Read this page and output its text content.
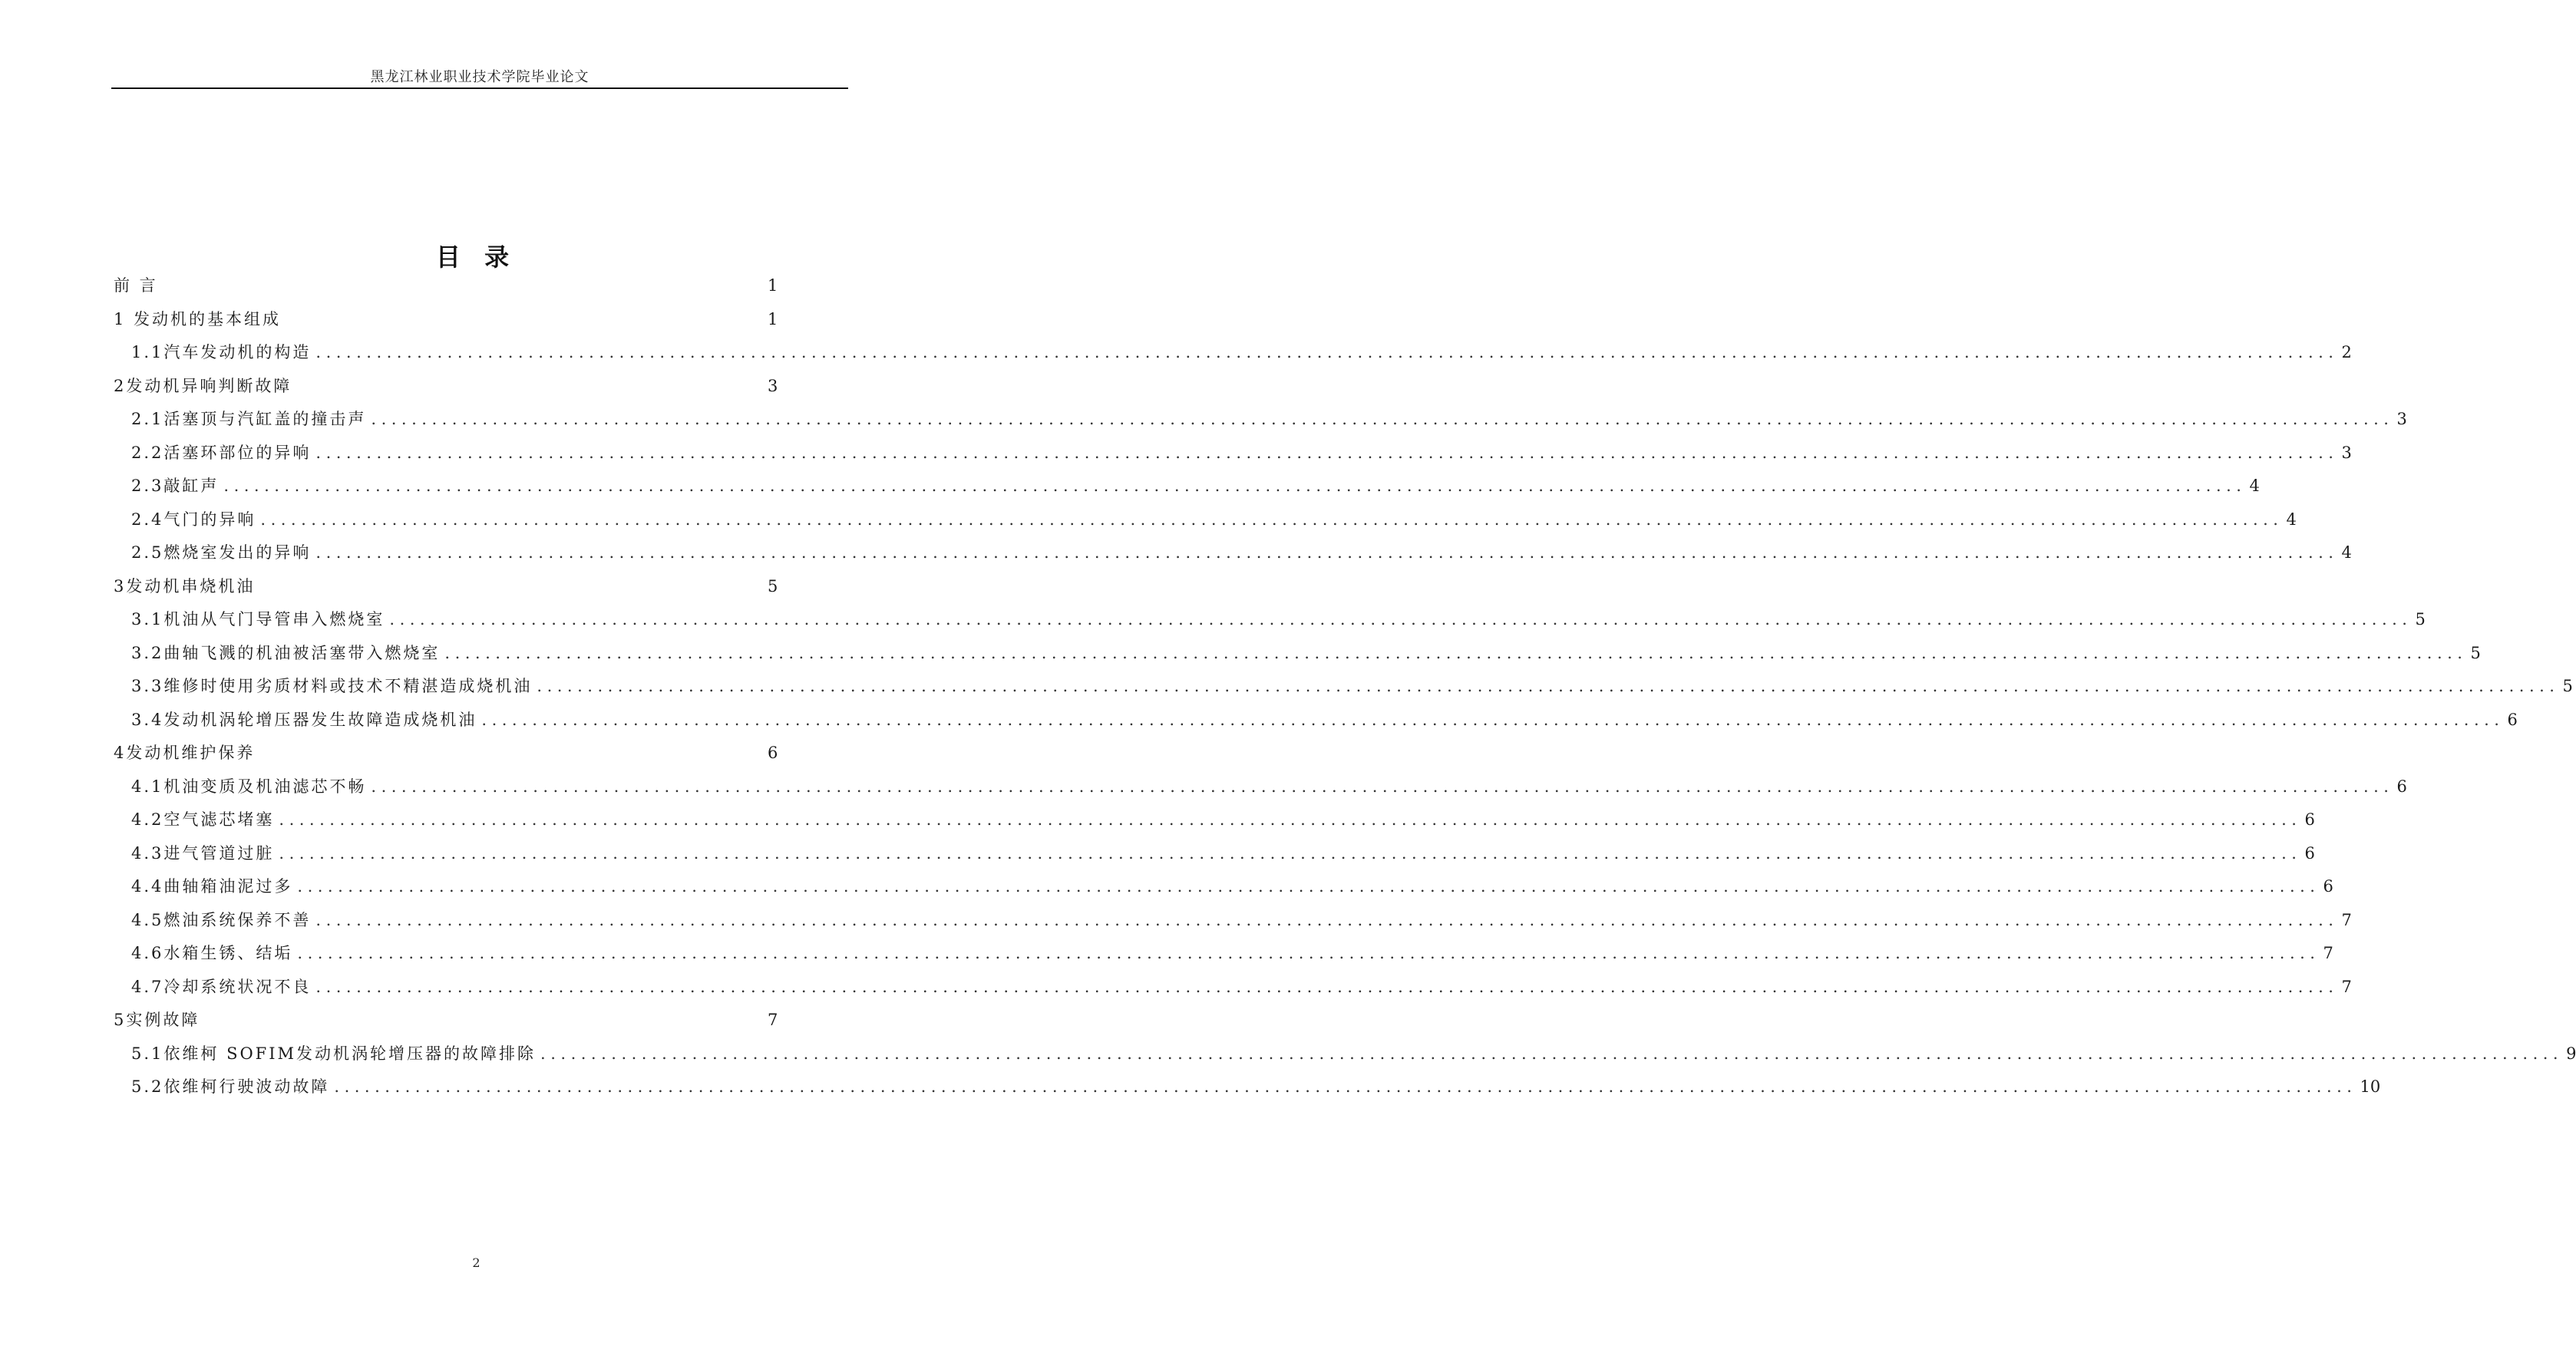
黑龙江林业职业技术学院毕业论文
目 录
前 言	1
1 发动机的基本组成	1
1.1汽车发动机的构造 ........................................................................................................................................................................................................ 2
2发动机异响判断故障	3
2.1活塞顶与汽缸盖的撞击声 ........................................................................................................................................................................................................ 3
2.2活塞环部位的异响 ........................................................................................................................................................................................................ 3
2.3敲缸声 ........................................................................................................................................................................................................ 4
2.4气门的异响 ........................................................................................................................................................................................................ 4
2.5燃烧室发出的异响 ........................................................................................................................................................................................................ 4
3发动机串烧机油	5
3.1机油从气门导管串入燃烧室 ........................................................................................................................................................................................................ 5
3.2曲轴飞溅的机油被活塞带入燃烧室 ........................................................................................................................................................................................................ 5
3.3维修时使用劣质材料或技术不精湛造成烧机油 ........................................................................................................................................................................................................ 5
3.4发动机涡轮增压器发生故障造成烧机油 ........................................................................................................................................................................................................ 6
4发动机维护保养	6
4.1机油变质及机油滤芯不畅 ........................................................................................................................................................................................................ 6
4.2空气滤芯堵塞 ........................................................................................................................................................................................................ 6
4.3进气管道过脏 ........................................................................................................................................................................................................ 6
4.4曲轴箱油泥过多 ........................................................................................................................................................................................................ 6
4.5燃油系统保养不善 ........................................................................................................................................................................................................ 7
4.6水箱生锈、结垢 ........................................................................................................................................................................................................ 7
4.7冷却系统状况不良 ........................................................................................................................................................................................................ 7
5实例故障	7
5.1依维柯 SOFIM发动机涡轮增压器的故障排除 ........................................................................................................................................................................................................ 9
5.2依维柯行驶波动故障 ........................................................................................................................................................................................................ 10
2
